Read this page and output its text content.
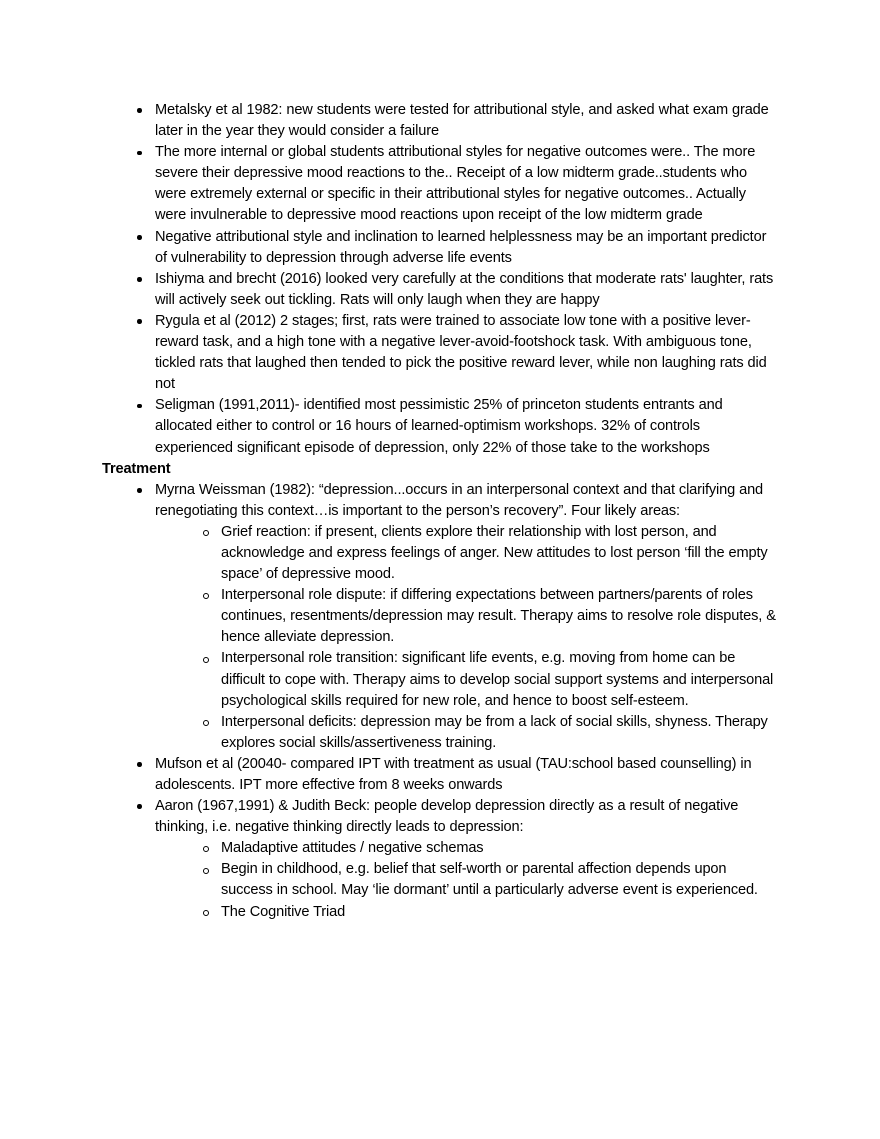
Metalsky et al 1982: new students were tested for attributional style, and asked what exam grade later in the year they would consider a failure
The more internal or global students attributional styles for negative outcomes were.. The more severe their depressive mood reactions to the.. Receipt of a low midterm grade..students who were extremely external or specific in their attributional styles for negative outcomes.. Actually were invulnerable to depressive mood reactions upon receipt of the low midterm grade
Negative attributional style and inclination to learned helplessness may be an important predictor of vulnerability to depression through adverse life events
Ishiyma and brecht (2016) looked very carefully at the conditions that moderate rats' laughter, rats will actively seek out tickling. Rats will only laugh when they are happy
Rygula et al (2012) 2 stages; first, rats were trained to associate low tone with a positive lever-reward task, and a high tone with a negative lever-avoid-footshock task. With ambiguous tone, tickled rats that laughed then tended to pick the positive reward lever, while non laughing rats did not
Seligman (1991,2011)- identified most pessimistic 25% of princeton students entrants and allocated either to control or 16 hours of learned-optimism workshops. 32% of controls experienced significant episode of depression, only 22% of those take to the workshops
Treatment
Myrna Weissman (1982): “depression...occurs in an interpersonal context and that clarifying and renegotiating this context…is important to the person’s recovery”. Four likely areas:
Grief reaction: if present, clients explore their relationship with lost person, and acknowledge and express feelings of anger. New attitudes to lost person ‘fill the empty space’ of depressive mood.
Interpersonal role dispute: if differing expectations between partners/parents of roles continues, resentments/depression may result. Therapy aims to resolve role disputes, & hence alleviate depression.
Interpersonal role transition: significant life events, e.g. moving from home can be difficult to cope with. Therapy aims to develop social support systems and interpersonal psychological skills required for new role, and hence to boost self-esteem.
Interpersonal deficits: depression may be from a lack of social skills, shyness. Therapy explores social skills/assertiveness training.
Mufson et al (20040- compared IPT with treatment as usual (TAU:school based counselling) in adolescents. IPT more effective from 8 weeks onwards
Aaron (1967,1991) & Judith Beck: people develop depression directly as a result of negative thinking, i.e. negative thinking directly leads to depression:
Maladaptive attitudes / negative schemas
Begin in childhood, e.g. belief that self-worth or parental affection depends upon success in school. May ‘lie dormant’ until a particularly adverse event is experienced.
The Cognitive Triad
